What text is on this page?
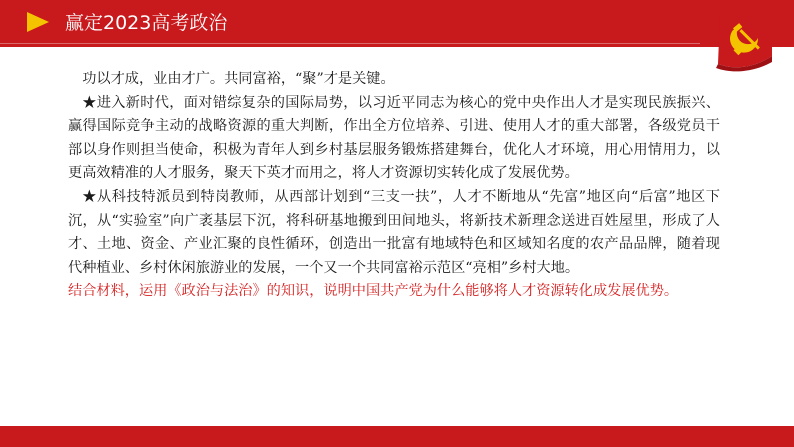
赢定2023高考政治

功以才成，业由才广。共同富裕，“聚”才是关键。

★进入新时代，面对错综复杂的国际局势，以习近平同志为核心的党中央作出人才是实现民族振兴、赢得国际竞争主动的战略资源的重大判断，作出全方位培养、引进、使用人才的重大部署，各级党员干部以身作则担当使命，积极为青年人到乡村基层服务锻炼搭建舞台，优化人才环境，用心用情用力，以更高效精准的人才服务，聚天下英才而用之，将人才资源切实转化成了发展优势。

★从科技特派员到特岗教师，从西部计划到“三支一扶”，人才不断地从“先富”地区向“后富”地区下沉，从“实验室”向广袤基层下沉，将科研基地搬到田间地头，将新技术新理念送进百姓屋里，形成了人才、土地、资金、产业汇聚的良性循环，创造出一批富有地域特色和区域知名度的农产品品牌，随着现代种植业、乡村休闲旅游业的发展，一个又一个共同富裕示范区“亮相”乡村大地。

结合材料，运用《政治与法治》的知识，说明中国共产党为什么能够将人才资源转化成发展优势。
